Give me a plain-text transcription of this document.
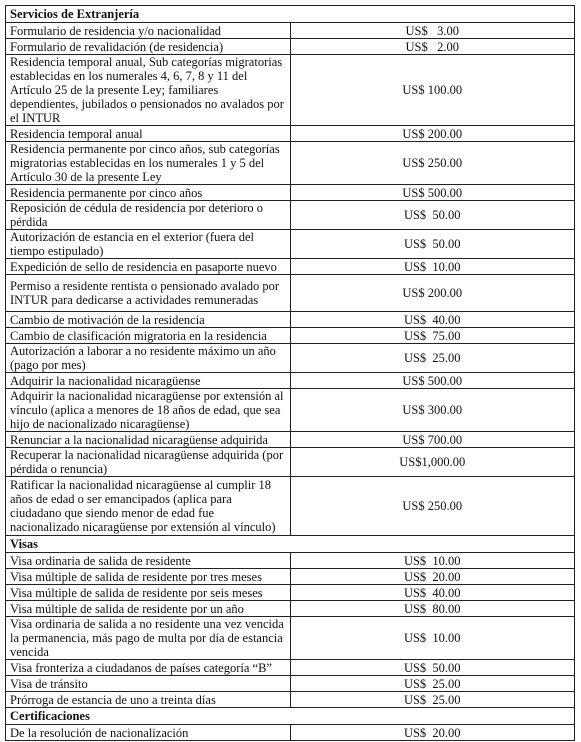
Servicios de Extranjería	
Formulario de residencia y/o nacionalidad	US$   3.00
Formulario de revalidación (de residencia)	US$   2.00
Residencia temporal anual, Sub categorías migratorias establecidas en los numerales 4, 6, 7, 8 y 11 del Artículo 25 de la presente Ley; familiares dependientes, jubilados o pensionados no avalados por el INTUR	US$ 100.00
Residencia temporal anual	US$ 200.00
Residencia permanente por cinco años, sub categorías migratorias establecidas en los numerales 1 y 5 del Artículo 30 de la presente Ley	US$ 250.00
Residencia permanente por cinco años	US$ 500.00
Reposición de cédula de residencia por deterioro o pérdida	US$  50.00
Autorización de estancia en el exterior (fuera del tiempo estipulado)	US$  50.00
Expedición de sello de residencia en pasaporte nuevo	US$  10.00
Permiso a residente rentista o pensionado avalado por INTUR para dedicarse a actividades remuneradas	US$ 200.00
Cambio de motivación de la residencia	US$  40.00
Cambio de clasificación migratoria en la residencia	US$  75.00
Autorización a laborar a no residente máximo un año (pago por mes)	US$  25.00
Adquirir la nacionalidad nicaragüense	US$ 500.00
Adquirir la nacionalidad nicaragüense por extensión al vínculo (aplica a menores de 18 años de edad, que sea hijo de nacionalizado nicaragüense)	US$ 300.00
Renunciar a la nacionalidad nicaragüense adquirida	US$ 700.00
Recuperar la nacionalidad nicaragüense adquirida (por pérdida o renuncia)	US$1,000.00
Ratificar la nacionalidad nicaragüense al cumplir 18 años de edad o ser emancipados (aplica para ciudadano que siendo menor de edad fue nacionalizado nicaragüense por extensión al vínculo)	US$ 250.00
Visas	
Visa ordinaria de salida de residente	US$  10.00
Visa múltiple de salida de residente por tres meses	US$  20.00
Visa múltiple de salida de residente por seis meses	US$  40.00
Visa múltiple de salida de residente por un año	US$  80.00
Visa ordinaria de salida a no residente una vez vencida la permanencia, más pago de multa por día de estancia vencida	US$  10.00
Visa fronteriza a ciudadanos de países categoría “B”	US$  50.00
Visa de tránsito	US$  25.00
Prórroga de estancia de uno a treinta días	US$  25.00
Certificaciones	
De la resolución de nacionalización	US$  20.00
